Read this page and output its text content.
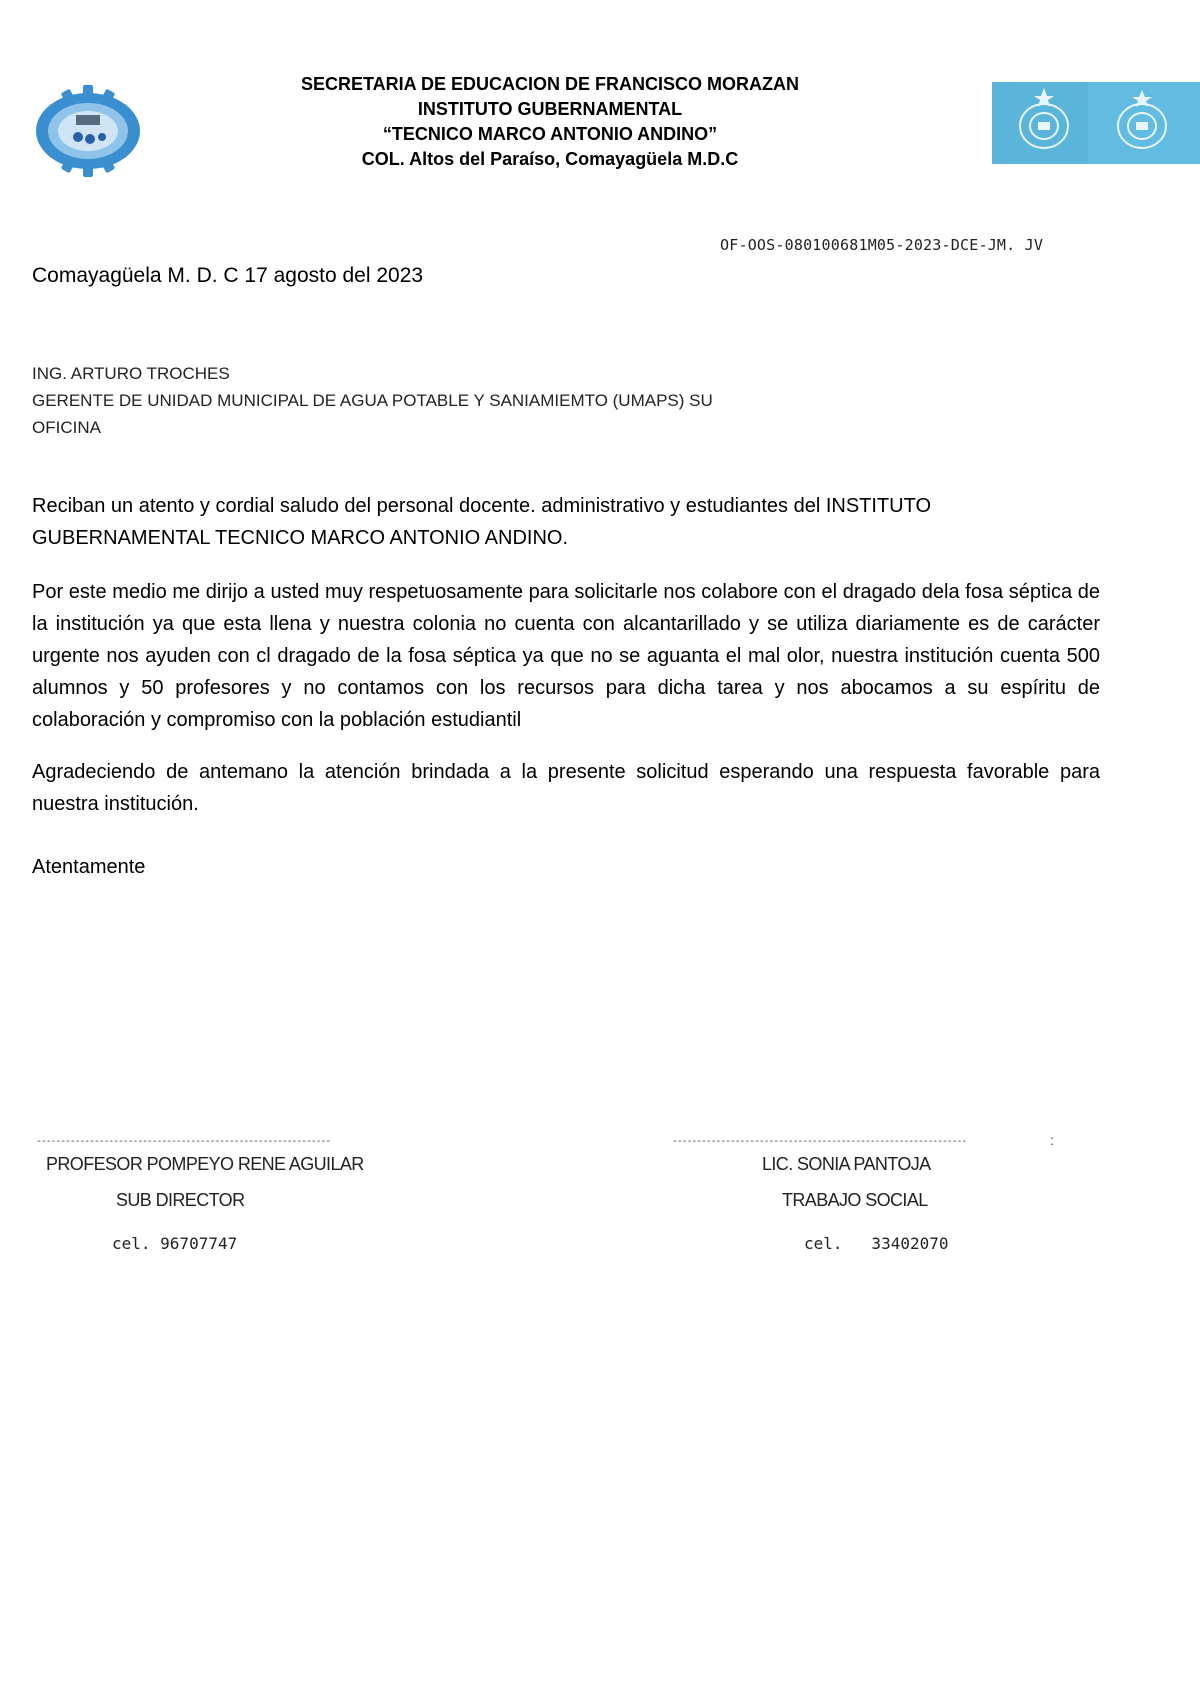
SECRETARIA DE EDUCACION DE FRANCISCO MORAZAN
INSTITUTO GUBERNAMENTAL
“TECNICO MARCO ANTONIO ANDINO”
COL. Altos del Paraíso, Comayagüela M.D.C
OF-OOS-080100681M05-2023-DCE-JM. JV
Comayagüela M. D. C 17 agosto del 2023
ING. ARTURO TROCHES
GERENTE DE UNIDAD MUNICIPAL DE AGUA POTABLE Y SANIAMIEMTO (UMAPS) SU
OFICINA
Reciban un atento y cordial saludo del personal docente. administrativo y estudiantes del INSTITUTO GUBERNAMENTAL TECNICO MARCO ANTONIO ANDINO.
Por este medio me dirijo a usted muy respetuosamente para solicitarle nos colabore con el dragado dela fosa séptica de la institución ya que esta llena y nuestra colonia no cuenta con alcantarillado y se utiliza diariamente es de carácter urgente nos ayuden con cl dragado de la fosa séptica ya que no se aguanta el mal olor, nuestra institución cuenta 500 alumnos y 50 profesores y no contamos con los recursos para dicha tarea y nos abocamos a su espíritu de colaboración y compromiso con la población estudiantil
Agradeciendo de antemano la atención brindada a la presente solicitud esperando una respuesta favorable para nuestra institución.
Atentamente
-------------------------------------------------------------	-------------------------------------------------------------	:
PROFESOR POMPEYO RENE AGUILAR
SUB DIRECTOR
cel. 96707747
LIC. SONIA PANTOJA
TRABAJO SOCIAL
cel.   33402070
